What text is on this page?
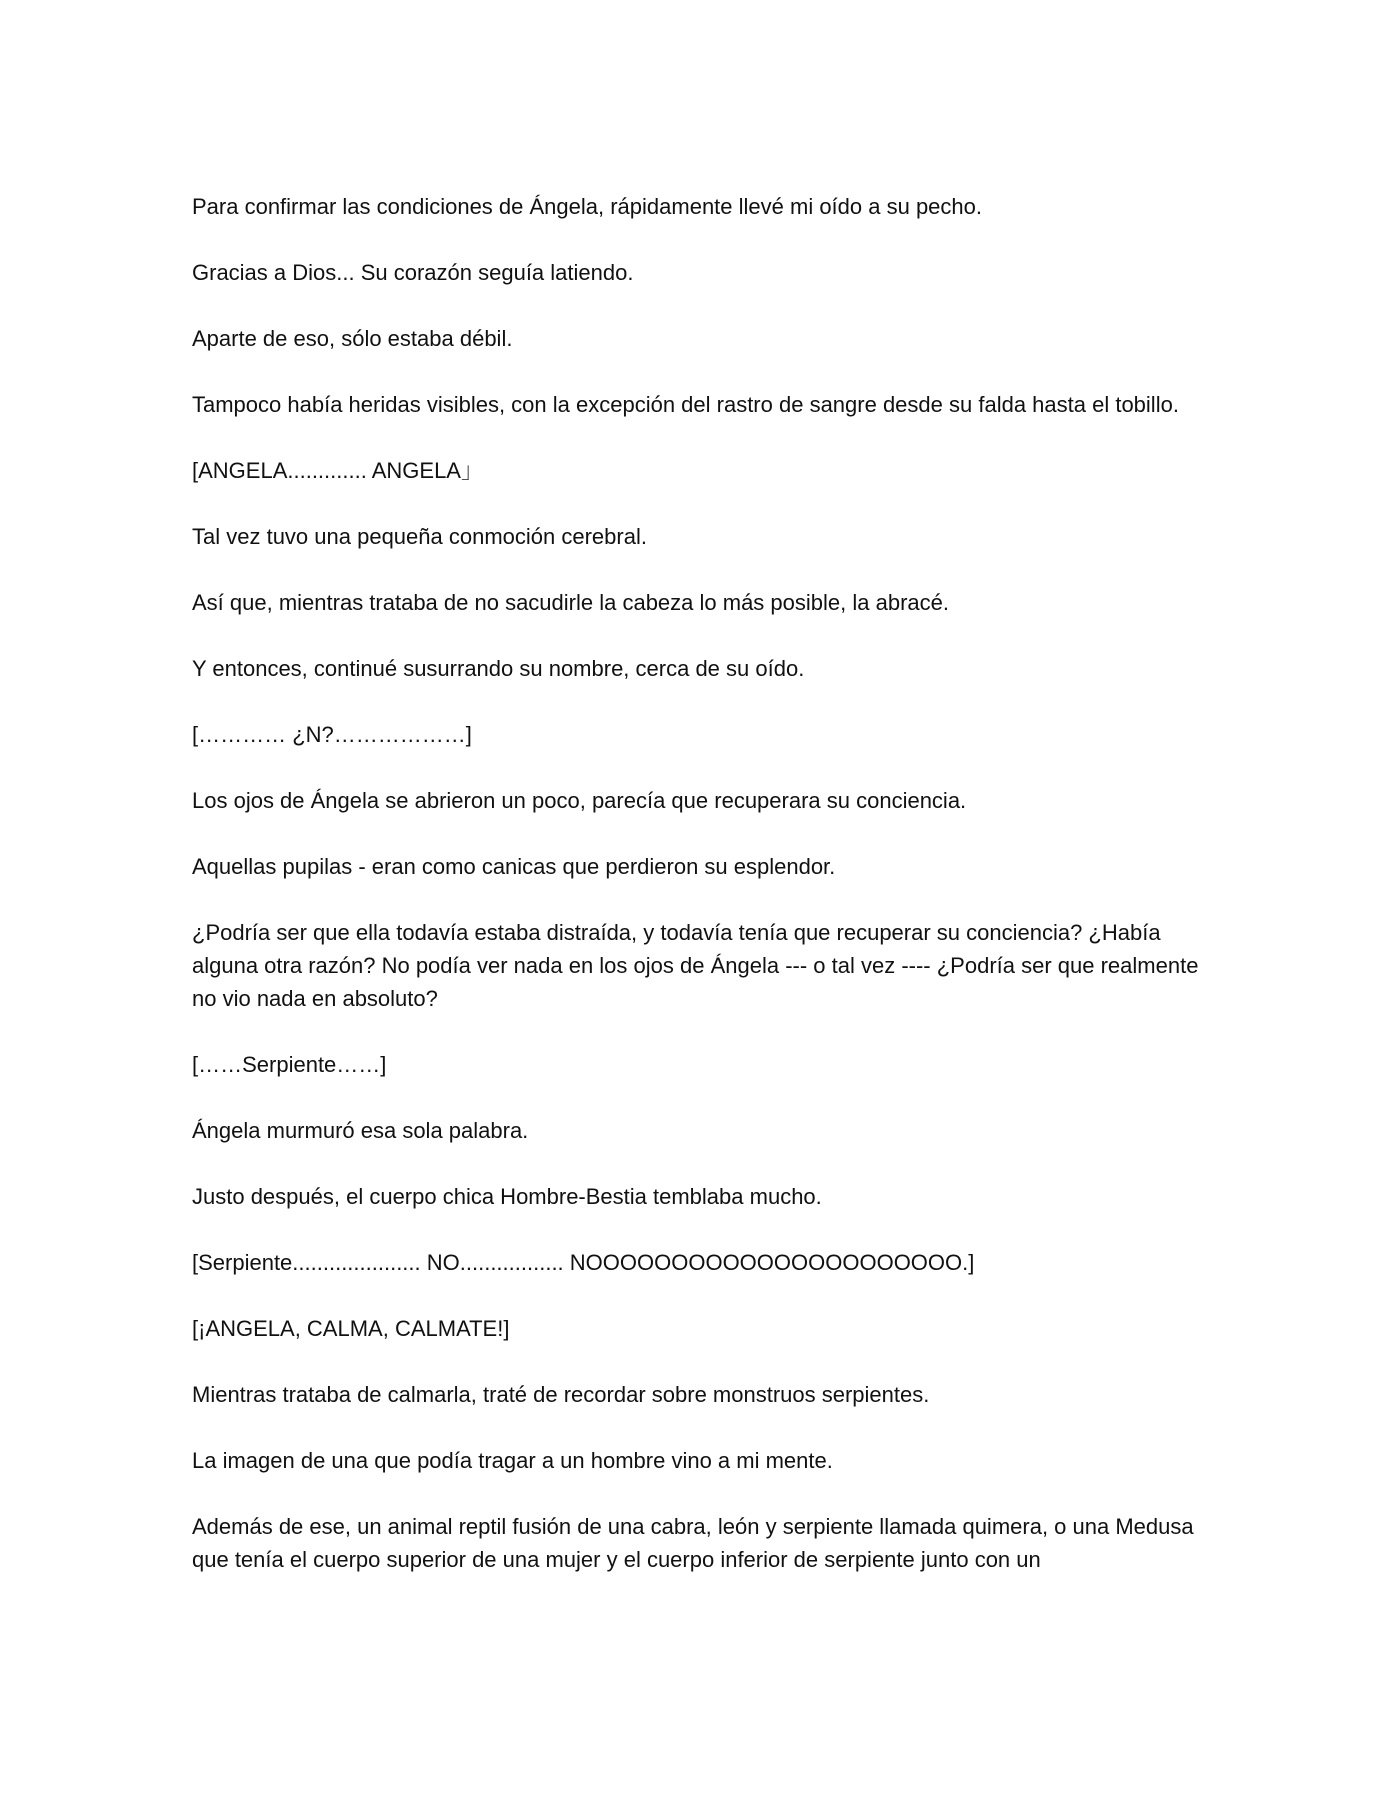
Para confirmar las condiciones de Ángela, rápidamente llevé mi oído a su pecho.

Gracias a Dios... Su corazón seguía latiendo.

Aparte de eso, sólo estaba débil.

Tampoco había heridas visibles, con la excepción del rastro de sangre desde su falda hasta el tobillo.

[ANGELA............. ANGELA」

Tal vez tuvo una pequeña conmoción cerebral.

Así que, mientras trataba de no sacudirle la cabeza lo más posible, la abracé.

Y entonces, continué susurrando su nombre, cerca de su oído.

[………… ¿N?………………]

Los ojos de Ángela se abrieron un poco, parecía que recuperara su conciencia.

Aquellas pupilas - eran como canicas que perdieron su esplendor.

¿Podría ser que ella todavía estaba distraída, y todavía tenía que recuperar su conciencia? ¿Había alguna otra razón? No podía ver nada en los ojos de Ángela --- o tal vez ---- ¿Podría ser que realmente no vio nada en absoluto?

[……Serpiente……]

Ángela murmuró esa sola palabra.

Justo después, el cuerpo chica Hombre-Bestia temblaba mucho.

[Serpiente..................... NO................. NOOOOOOOOOOOOOOOOOOOOOO.]

[¡ANGELA, CALMA, CALMATE!]

Mientras trataba de calmarla, traté de recordar sobre monstruos serpientes.

La imagen de una que podía tragar a un hombre vino a mi mente.

Además de ese, un animal reptil fusión de una cabra, león y serpiente llamada quimera, o una Medusa que tenía el cuerpo superior de una mujer y el cuerpo inferior de serpiente junto con un
